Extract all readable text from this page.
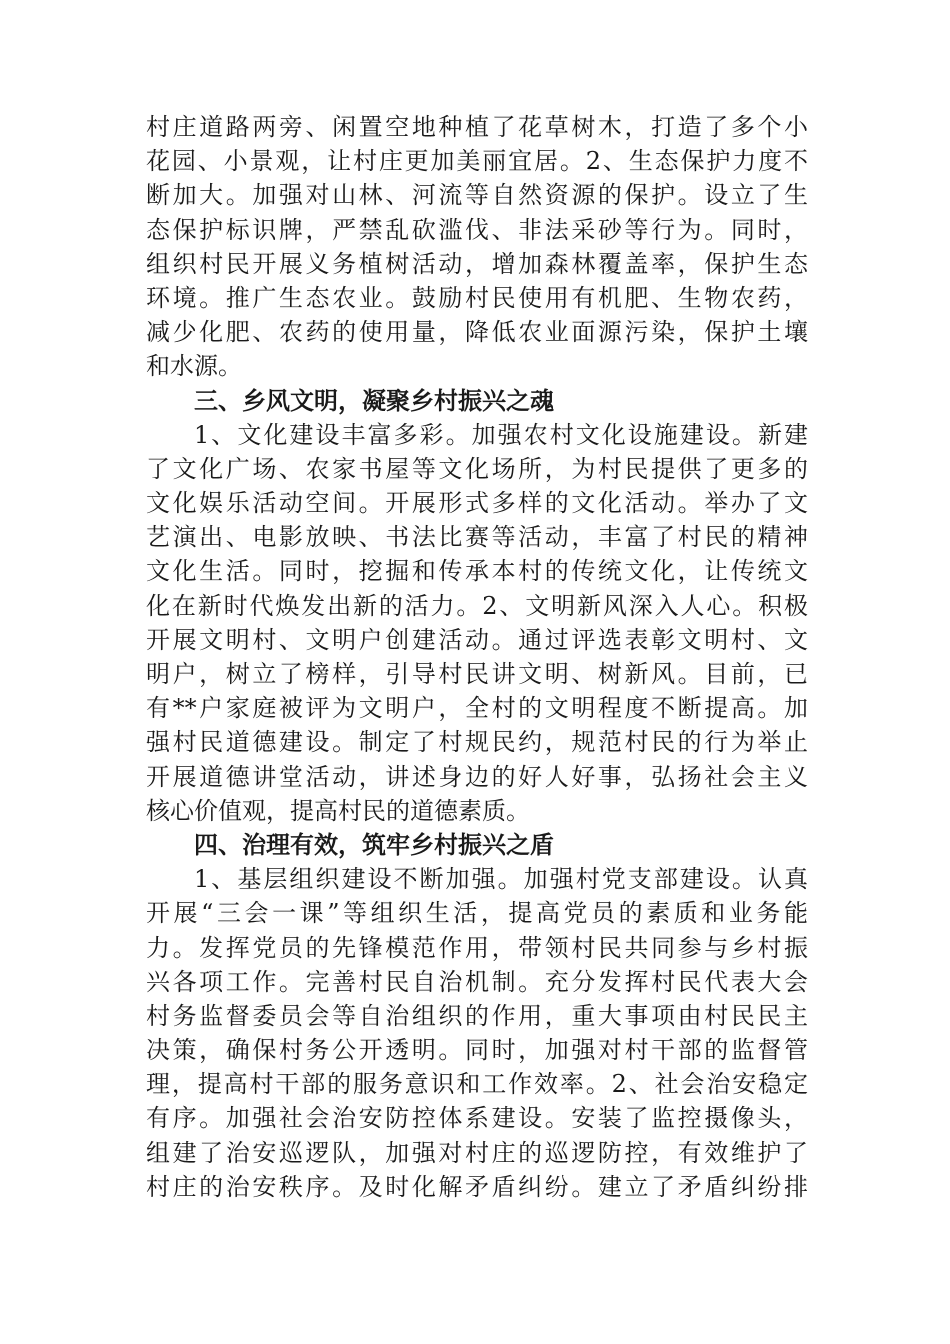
村庄道路两旁、闲置空地种植了花草树木，打造了多个小
花园、小景观，让村庄更加美丽宜居。2、生态保护力度不
断加大。加强对山林、河流等自然资源的保护。设立了生
态保护标识牌，严禁乱砍滥伐、非法采砂等行为。同时，
组织村民开展义务植树活动，增加森林覆盖率，保护生态
环境。推广生态农业。鼓励村民使用有机肥、生物农药，
减少化肥、农药的使用量，降低农业面源污染，保护土壤
和水源。
三、乡风文明，凝聚乡村振兴之魂
1、文化建设丰富多彩。加强农村文化设施建设。新建
了文化广场、农家书屋等文化场所，为村民提供了更多的
文化娱乐活动空间。开展形式多样的文化活动。举办了文
艺演出、电影放映、书法比赛等活动，丰富了村民的精神
文化生活。同时，挖掘和传承本村的传统文化，让传统文
化在新时代焕发出新的活力。2、文明新风深入人心。积极
开展文明村、文明户创建活动。通过评选表彰文明村、文
明户，树立了榜样，引导村民讲文明、树新风。目前，已
有**户家庭被评为文明户，全村的文明程度不断提高。加
强村民道德建设。制定了村规民约，规范村民的行为举止
开展道德讲堂活动，讲述身边的好人好事，弘扬社会主义
核心价值观，提高村民的道德素质。
四、治理有效，筑牢乡村振兴之盾
1、基层组织建设不断加强。加强村党支部建设。认真
开展“三会一课”等组织生活，提高党员的素质和业务能
力。发挥党员的先锋模范作用，带领村民共同参与乡村振
兴各项工作。完善村民自治机制。充分发挥村民代表大会
村务监督委员会等自治组织的作用，重大事项由村民民主
决策，确保村务公开透明。同时，加强对村干部的监督管
理，提高村干部的服务意识和工作效率。2、社会治安稳定
有序。加强社会治安防控体系建设。安装了监控摄像头，
组建了治安巡逻队，加强对村庄的巡逻防控，有效维护了
村庄的治安秩序。及时化解矛盾纠纷。建立了矛盾纠纷排
